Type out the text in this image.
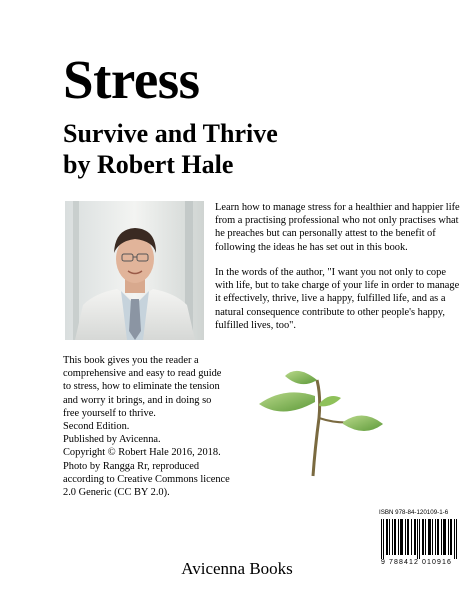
Stress
Survive and Thrive
by Robert Hale

Learn how to manage stress for a healthier and happier life from a practising professional who not only practises what he preaches but can personally attest to the benefit of following the ideas he has set out in this book.

In the words of the author, "I want you not only to cope with life, but to take charge of your life in order to manage it effectively, thrive, live a happy, fulfilled life, and as a natural consequence contribute to other people's happy, fulfilled lives, too".

This book gives you the reader a comprehensive and easy to read guide to stress, how to eliminate the tension and worry it brings, and in doing so free yourself to thrive.

Second Edition.

Published by Avicenna.

Copyright © Robert Hale 2016, 2018.

Photo by Rangga Rr, reproduced according to Creative Commons licence 2.0 Generic (CC BY 2.0).

ISBN 978-84-120109-1-6
9 788412 010916
Avicenna Books
